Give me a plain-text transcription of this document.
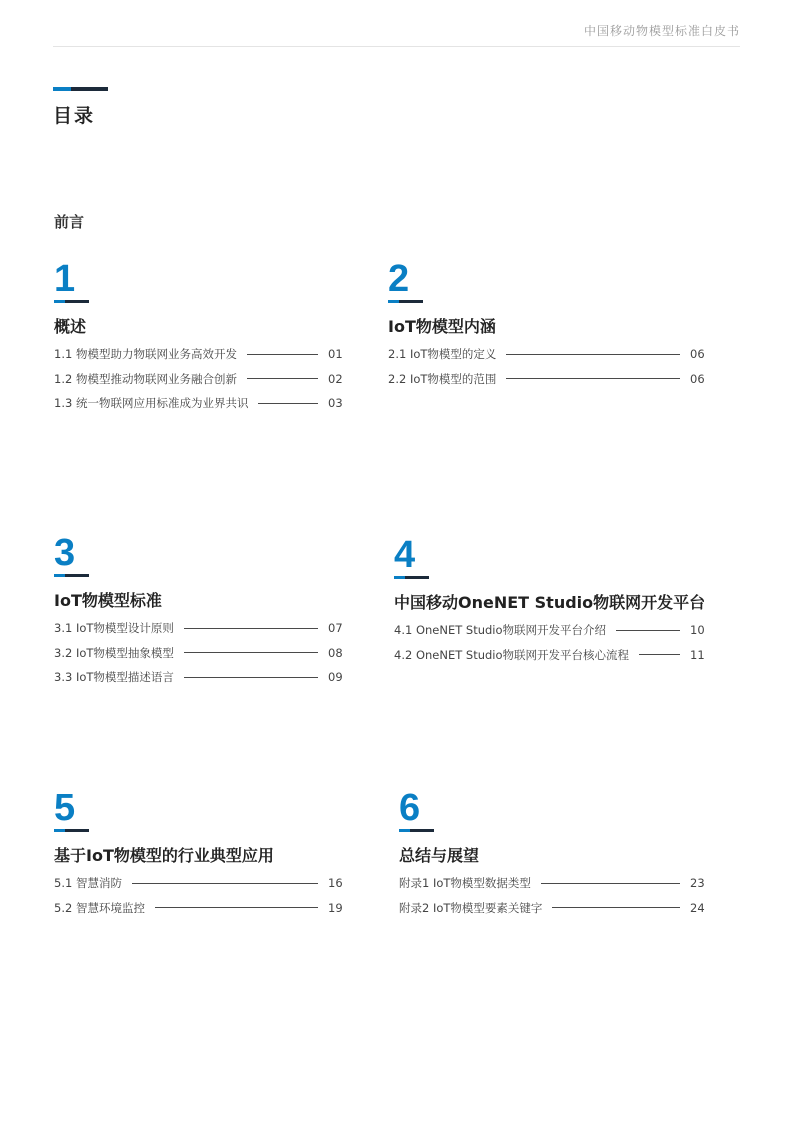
中国移动物模型标准白皮书
目录
前言
1
概述
1.1 物模型助力物联网业务高效开发	01
1.2 物模型推动物联网业务融合创新	02
1.3 统一物联网应用标准成为业界共识	03
2
IoT物模型内涵
2.1 IoT物模型的定义	06
2.2 IoT物模型的范围	06
3
IoT物模型标准
3.1 IoT物模型设计原则	07
3.2 IoT物模型抽象模型	08
3.3 IoT物模型描述语言	09
4
中国移动OneNET Studio物联网开发平台
4.1 OneNET Studio物联网开发平台介绍	10
4.2 OneNET Studio物联网开发平台核心流程	11
5
基于IoT物模型的行业典型应用
5.1 智慧消防	16
5.2 智慧环境监控	19
6
总结与展望
附录1 IoT物模型数据类型	23
附录2 IoT物模型要素关键字	24
